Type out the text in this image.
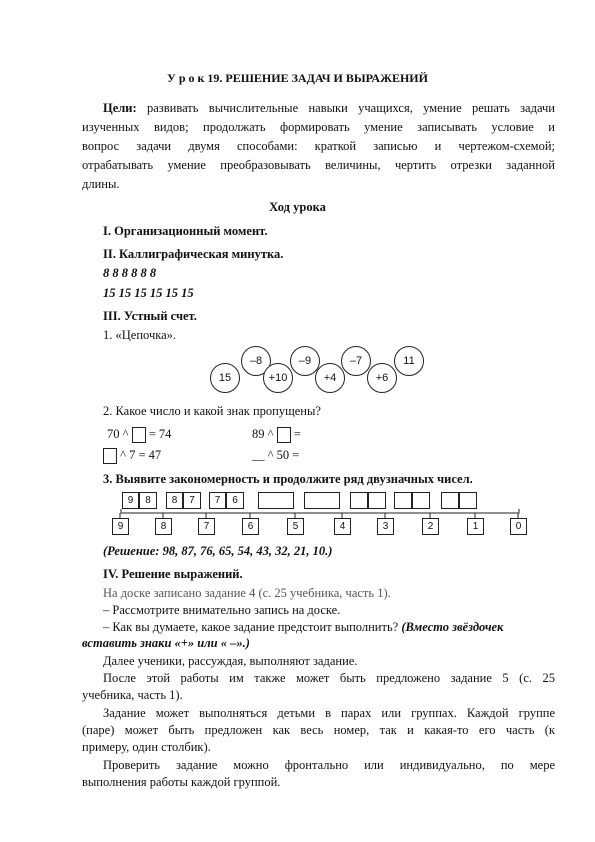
У р о к 19. РЕШЕНИЕ ЗАДАЧ И ВЫРАЖЕНИЙ
Цели: развивать вычислительные навыки учащихся, умение решать задачи
изученных видов; продолжать формировать умение записывать условие и
вопрос задачи двумя способами: краткой записью и чертежом-схемой;
отрабатывать умение преобразовывать величины, чертить отрезки заданной
длины.
Ход урока
I. Организационный момент.
II. Каллиграфическая минутка.
8 8 8 8 8 8
15 15 15 15 15 15
III. Устный счет.
1. «Цепочка».
–8	–9	–7	11
15	+10	+4	+6
2. Какое число и какой знак пропущены?
70 ^ = 74	89 ^ =
^ 7 = 47	__ ^ 50 =
3. Выявите закономерность и продолжите ряд двузначных чисел.
9	8	8	7	7	6
9	8	7	6	5	4	3	2	1	0
(Решение: 98, 87, 76, 65, 54, 43, 32, 21, 10.)
IV. Решение выражений.
На доске записано задание 4 (с. 25 учебника, часть 1).
– Рассмотрите внимательно запись на доске.
– Как вы думаете, какое задание предстоит выполнить? (Вместо звёздочек
вставить знаки «+» или « –».)
Далее ученики, рассуждая, выполняют задание.
После этой работы им также может быть предложено задание 5 (с. 25
учебника, часть 1).
Задание может выполняться детьми в парах или группах. Каждой группе
(паре) может быть предложен как весь номер, так и какая-то его часть (к
примеру, один столбик).
Проверить задание можно фронтально или индивидуально, по мере
выполнения работы каждой группой.
